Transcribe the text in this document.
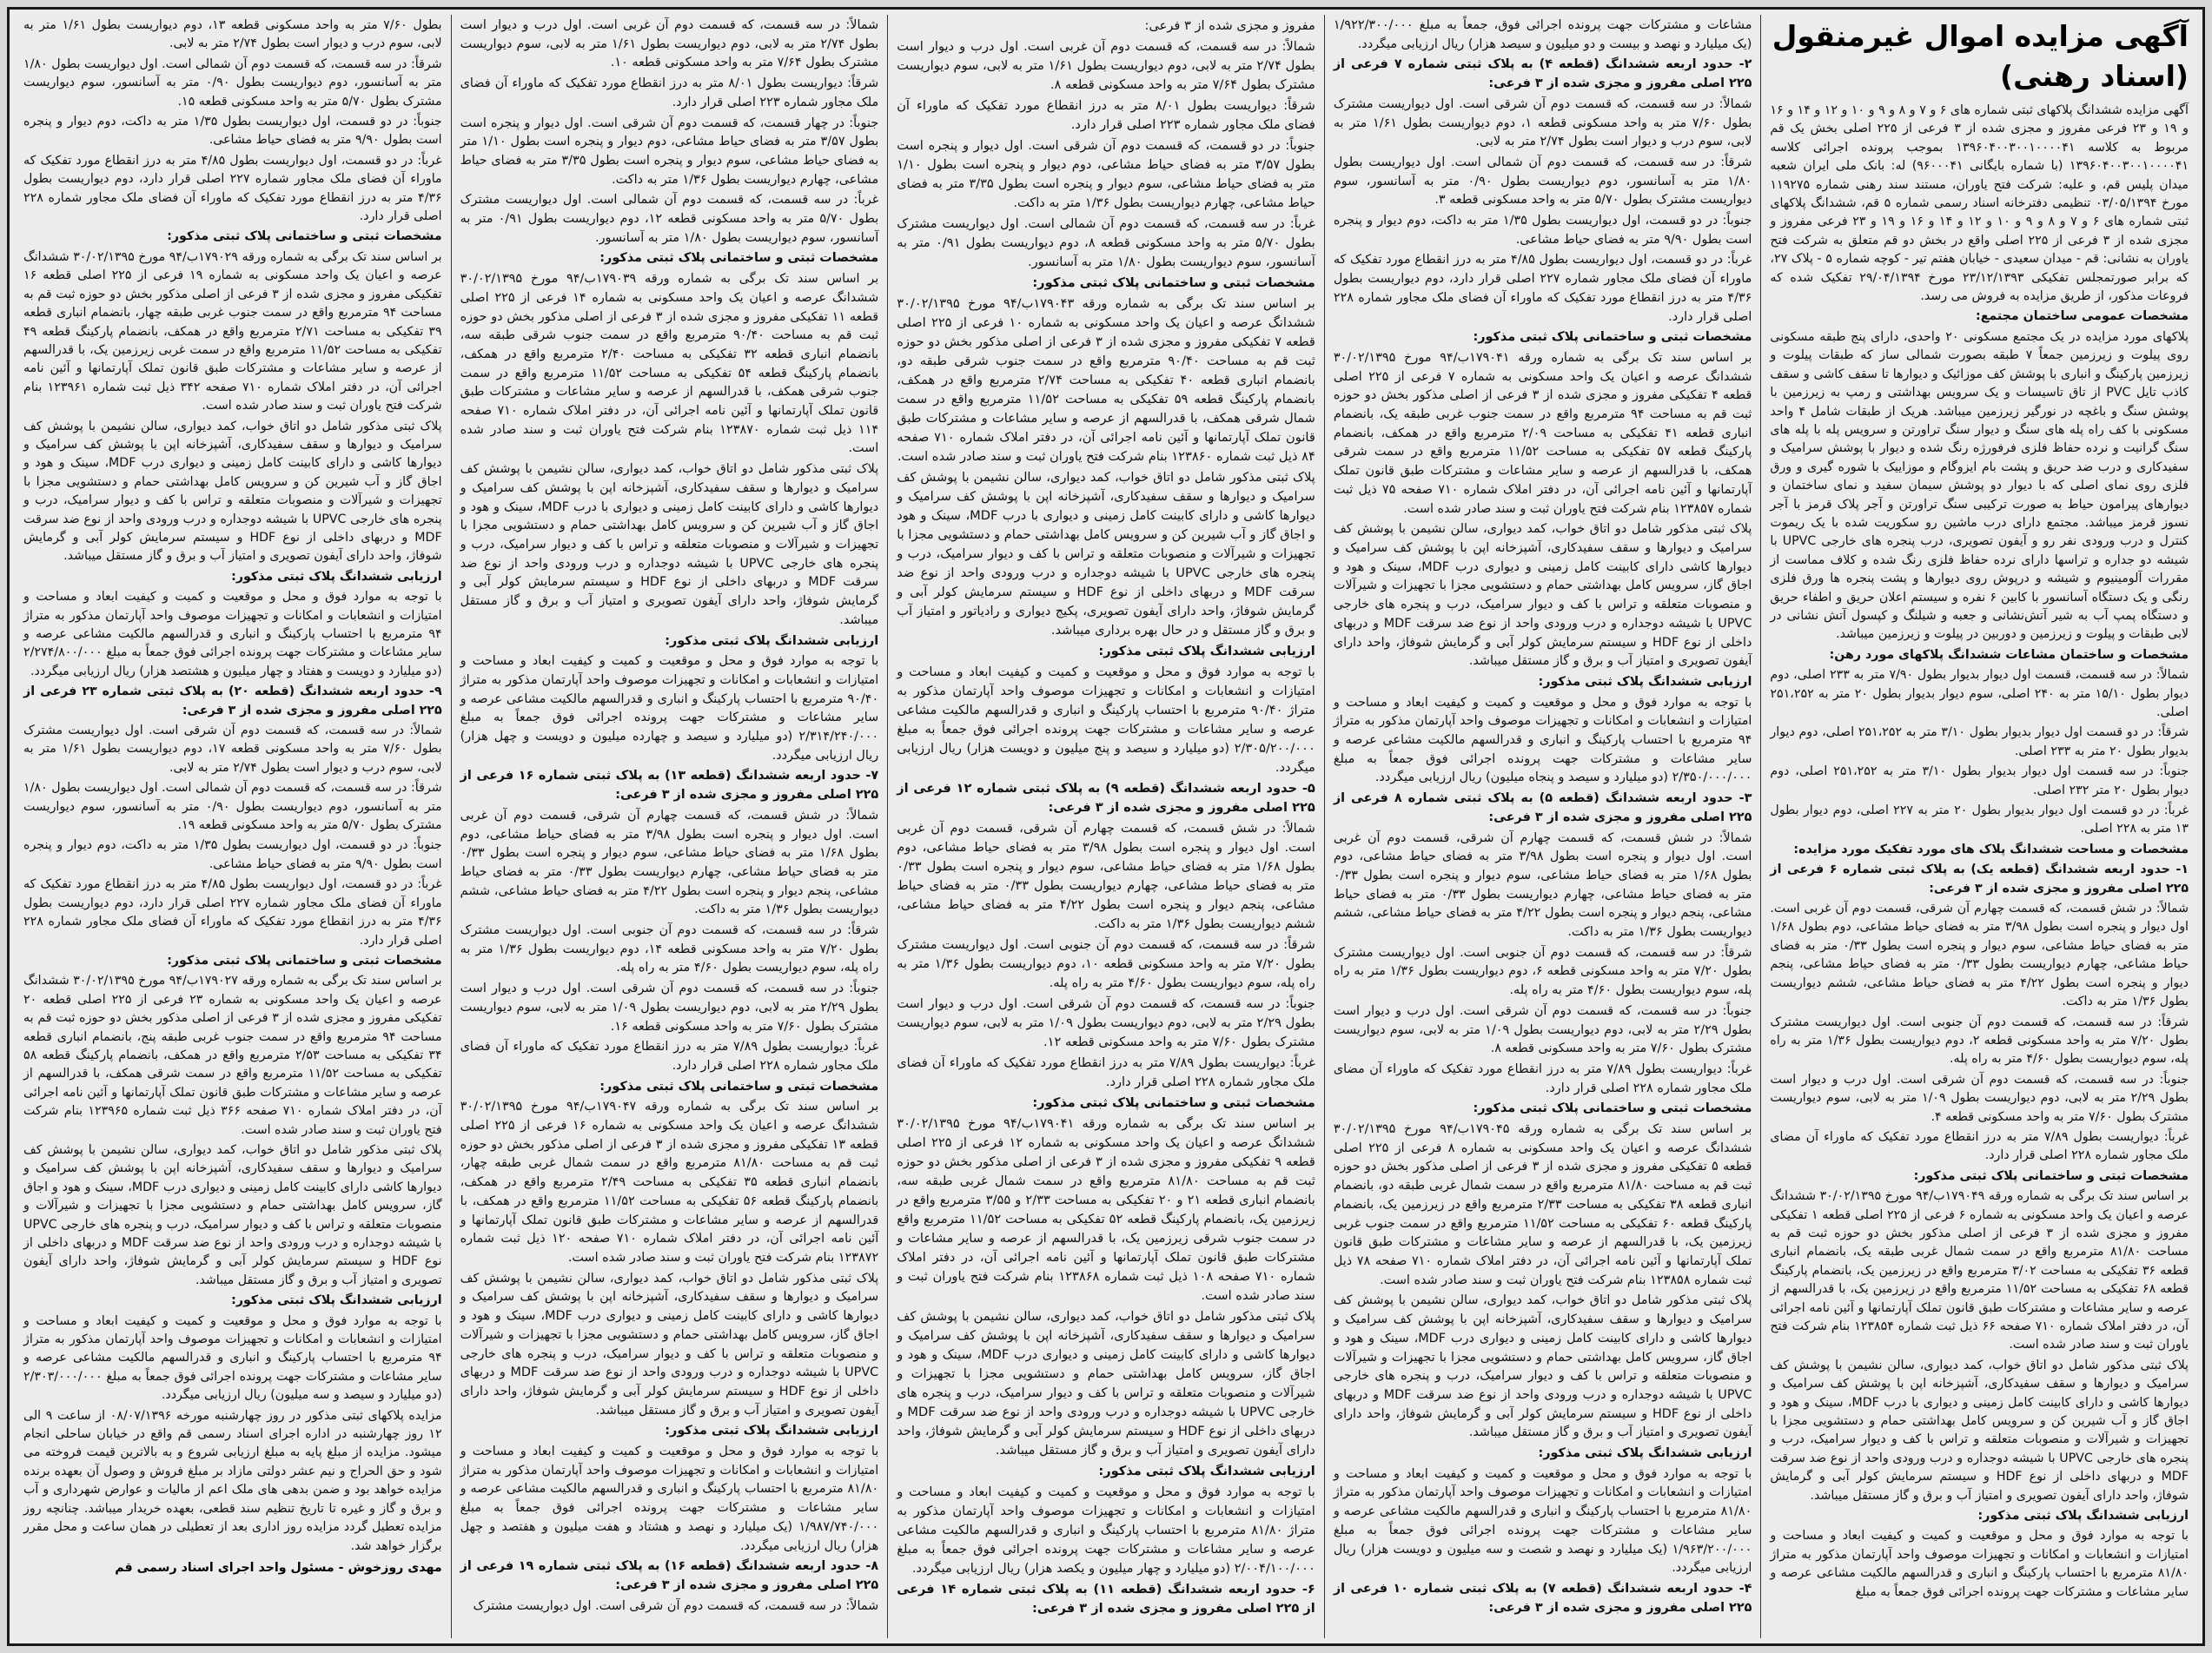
آگهی مزایده اموال غیرمنقول (اسناد رهنی)

آگهی مزایده ششدانگ پلاکهای ثبتی شماره های ۶ و ۷ و ۸ و ۹ و ۱۰ و ۱۲ و ۱۴ و ۱۶ و ۱۹ و ۲۳ فرعی مفروز و مجزی شده از ۳ فرعی از ۲۲۵ اصلی بخش یک قم مربوط به کلاسه ۱۳۹۶۰۴۰۰۳۰۰۱۰۰۰۰۴۱ بموجب پرونده اجرائی کلاسه ۱۳۹۶۰۴۰۰۳۰۰۱۰۰۰۰۴۱ (با شماره بایگانی ۹۶۰۰۰۴۱) له: بانک ملی ایران شعبه میدان پلیس قم، و علیه: شرکت فتح یاوران، مستند سند رهنی شماره ۱۱۹۲۷۵ مورخ ۰۳/۰۵/۱۳۹۴ تنظیمی دفترخانه اسناد رسمی شماره ۵ قم، ششدانگ پلاکهای ثبتی شماره های ۶ و ۷ و ۸ و ۹ و ۱۰ و ۱۲ و ۱۴ و ۱۶ و ۱۹ و ۲۳ فرعی مفروز و مجزی شده از ۳ فرعی از ۲۲۵ اصلی واقع در بخش دو قم متعلق به شرکت فتح یاوران به نشانی: قم - میدان سعیدی - خیابان هفتم تیر - کوچه شماره ۵ - پلاک ۲۷، که برابر صورتمجلس تفکیکی ۲۳/۱۲/۱۳۹۳ مورخ ۲۹/۰۴/۱۳۹۴ تفکیک شده که فروعات مذکور، از طریق مزایده به فروش می رسد.

مشخصات عمومی ساختمان مجتمع:

پلاکهای مورد مزایده در یک مجتمع مسکونی ۲۰ واحدی، دارای پنج طبقه مسکونی روی پیلوت و زیرزمین جمعاً ۷ طبقه بصورت شمالی ساز که طبقات پیلوت و زیرزمین پارکینگ و انباری با پوشش کف موزائیک و دیوارها تا سقف کاشی و سقف کاذب تایل PVC از تاق تاسیسات و یک سرویس بهداشتی و رمپ به زیرزمین با پوشش سنگ و باغچه در نورگیر زیرزمین میباشد. هریک از طبقات شامل ۴ واحد مسکونی با کف راه پله های سنگ و دیوار سنگ تراورتن و سرویس پله با پله های سنگ گرانیت و نرده حفاظ فلزی فرفورژه رنگ شده و دیوار با پوشش سرامیک و سفیدکاری و درب ضد حریق و پشت بام ایزوگام و موزاییک با شوره گیری و ورق فلزی روی نمای اصلی که با دیوار دو پوشش سیمان سفید و نمای ساختمان و دیوارهای پیرامون حیاط به صورت ترکیبی سنگ تراورتن و آجر پلاک قرمز با آجر نسوز قرمز میباشد. مجتمع دارای درب ماشین رو سکوریت شده با یک ریموت کنترل و درب ورودی نفر رو و آیفون تصویری، درب پنجره های خارجی UPVC با شیشه دو جداره و تراسها دارای نرده حفاظ فلزی رنگ شده و کلاف مماست از مقررات آلومینیوم و شیشه و درپوش روی دیوارها و پشت پنجره ها ورق فلزی رنگی و یک دستگاه آسانسور با کابین ۶ نفره و سیستم اعلان حریق و اطفاء حریق و دستگاه پمپ آب به شیر آتش‌نشانی و جعبه و شیلنگ و کپسول آتش نشانی در لابی طبقات و پیلوت و زیرزمین و دوربین در پیلوت و زیرزمین میباشد.

مشخصات و ساختمان مشاعات ششدانگ پلاکهای مورد رهن:

شمالاً: در سه قسمت، قسمت اول دیوار بدیوار بطول ۷/۹۰ متر به ۲۳۳ اصلی، دوم دیوار بطول ۱۵/۱۰ متر به ۲۴۰ اصلی، سوم دیوار بدیوار بطول ۲۰ متر به ۲۵۱،۲۵۲ اصلی.

شرقاً: در دو قسمت اول دیوار بدیوار بطول ۳/۱۰ متر به ۲۵۱،۲۵۲ اصلی، دوم دیوار بدیوار بطول ۲۰ متر به ۲۳۳ اصلی.

جنوباً: در سه قسمت اول دیوار بدیوار بطول ۳/۱۰ متر به ۲۵۱،۲۵۲ اصلی، دوم دیوار بطول ۲۰ متر ۲۳۲ اصلی.

غرباً: در دو قسمت اول دیوار بدیوار بطول ۲۰ متر به ۲۲۷ اصلی، دوم دیوار بطول ۱۳ متر به ۲۲۸ اصلی.

مشخصات و مساحت ششدانگ پلاک های مورد تفکیک مورد مزایده:

۱- حدود اربعه ششدانگ (قطعه یک) به پلاک ثبتی شماره ۶ فرعی از ۲۲۵ اصلی مفروز و مجزی شده از ۳ فرعی:

شمالاً: در شش قسمت، که قسمت چهارم آن شرقی، قسمت دوم آن غربی است. اول دیوار و پنجره است بطول ۳/۹۸ متر به فضای حیاط مشاعی، دوم بطول ۱/۶۸ متر به فضای حیاط مشاعی، سوم دیوار و پنجره است بطول ۰/۳۳ متر به فضای حیاط مشاعی، چهارم دیواریست بطول ۰/۳۳ متر به فضای حیاط مشاعی، پنجم دیوار و پنجره است بطول ۴/۲۲ متر به فضای حیاط مشاعی، ششم دیواریست بطول ۱/۳۶ متر به داکت.

شرقاً: در سه قسمت، که قسمت دوم آن جنوبی است. اول دیواریست مشترک بطول ۷/۲۰ متر به واحد مسکونی قطعه ۲، دوم دیواریست بطول ۱/۳۶ متر به راه پله، سوم دیواریست بطول ۴/۶۰ متر به راه پله.

جنوباً: در سه قسمت، که قسمت دوم آن شرقی است. اول درب و دیوار است بطول ۲/۲۹ متر به لابی، دوم دیواریست بطول ۱/۰۹ متر به لابی، سوم دیواریست مشترک بطول ۷/۶۰ متر به واحد مسکونی قطعه ۴.

غرباً: دیواریست بطول ۷/۸۹ متر به درز انقطاع مورد تفکیک که ماوراء آن مضای ملک مجاور شماره ۲۲۸ اصلی قرار دارد.

مشخصات ثبتی و ساختمانی پلاک ثبتی مذکور:

بر اساس سند تک برگی به شماره ورقه ۱۷۹۰۴۹ب/۹۴ مورخ ۳۰/۰۲/۱۳۹۵ ششدانگ عرصه و اعیان یک واحد مسکونی به شماره ۶ فرعی از ۲۲۵ اصلی قطعه ۱ تفکیکی مفروز و مجزی شده از ۳ فرعی از اصلی مذکور بخش دو حوزه ثبت قم به مساحت ۸۱/۸۰ مترمربع واقع در سمت شمال غربی طبقه یک، بانضمام انباری قطعه ۳۶ تفکیکی به مساحت ۳/۰۲ مترمربع واقع در زیرزمین یک، بانضمام پارکینگ قطعه ۶۸ تفکیکی به مساحت ۱۱/۵۲ مترمربع واقع در زیرزمین یک، با قدرالسهم از عرصه و سایر مشاعات و مشترکات طبق قانون تملک آپارتمانها و آئین نامه اجرائی آن، در دفتر املاک شماره ۷۱۰ صفحه ۶۶ ذیل ثبت شماره ۱۲۳۸۵۴ بنام شرکت فتح یاوران ثبت و سند صادر شده است.

پلاک ثبتی مذکور شامل دو اتاق خواب، کمد دیواری، سالن نشیمن با پوشش کف سرامیک و دیوارها و سقف سفیدکاری، آشپزخانه اپن با پوشش کف سرامیک و دیوارها کاشی و دارای کابینت کامل زمینی و دیواری با درب MDF، سینک و هود و اجاق گاز و آب شیرین کن و سرویس کامل بهداشتی حمام و دستشویی مجزا با تجهیزات و شیرآلات و منصوبات متعلقه و تراس با کف و دیوار سرامیک، درب و پنجره های خارجی UPVC با شیشه دوجداره و درب ورودی واحد از نوع ضد سرقت MDF و دربهای داخلی از نوع HDF و سیستم سرمایش کولر آبی و گرمایش شوفاژ، واحد دارای آیفون تصویری و امتیاز آب و برق و گاز مستقل میباشد.

ارزیابی ششدانگ پلاک ثبتی مذکور:

با توجه به موارد فوق و محل و موقعیت و کمیت و کیفیت ابعاد و مساحت و امتیازات و انشعابات و امکانات و تجهیزات موصوف واحد آپارتمان مذکور به متراژ ۸۱/۸۰ مترمربع با احتساب پارکینگ و انباری و قدرالسهم مالکیت مشاعی عرصه و سایر مشاعات و مشترکات جهت پرونده اجرائی فوق جمعاً به مبلغ

مشاعات و مشترکات جهت پرونده اجرائی فوق، جمعاً به مبلغ ۱/۹۲۲/۳۰۰/۰۰۰ (یک میلیارد و نهصد و بیست و دو میلیون و سیصد هزار) ریال ارزیابی میگردد.

۲- حدود اربعه ششدانگ (قطعه ۴) به پلاک ثبتی شماره ۷ فرعی از ۲۲۵ اصلی مفروز و مجزی شده از ۳ فرعی:

شمالاً: در سه قسمت، که قسمت دوم آن شرقی است. اول دیواریست مشترک بطول ۷/۶۰ متر به واحد مسکونی قطعه ۱، دوم دیواریست بطول ۱/۶۱ متر به لابی، سوم درب و دیوار است بطول ۲/۷۴ متر به لابی.

شرقاً: در سه قسمت، که قسمت دوم آن شمالی است. اول دیواریست بطول ۱/۸۰ متر به آسانسور، دوم دیواریست بطول ۰/۹۰ متر به آسانسور، سوم دیواریست مشترک بطول ۵/۷۰ متر به واحد مسکونی قطعه ۳.

جنوباً: در دو قسمت، اول دیواریست بطول ۱/۳۵ متر به داکت، دوم دیوار و پنجره است بطول ۹/۹۰ متر به فضای حیاط مشاعی.

غرباً: در دو قسمت، اول دیواریست بطول ۴/۸۵ متر به درز انقطاع مورد تفکیک که ماوراء آن فضای ملک مجاور شماره ۲۲۷ اصلی قرار دارد، دوم دیواریست بطول ۴/۳۶ متر به درز انقطاع مورد تفکیک که ماوراء آن فضای ملک مجاور شماره ۲۲۸ اصلی قرار دارد.

مشخصات ثبتی و ساختمانی پلاک ثبتی مذکور:

بر اساس سند تک برگی به شماره ورقه ۱۷۹۰۴۱ب/۹۴ مورخ ۳۰/۰۲/۱۳۹۵ ششدانگ عرصه و اعیان یک واحد مسکونی به شماره ۷ فرعی از ۲۲۵ اصلی قطعه ۴ تفکیکی مفروز و مجزی شده از ۳ فرعی از اصلی مذکور بخش دو حوزه ثبت قم به مساحت ۹۴ مترمربع واقع در سمت جنوب غربی طبقه یک، بانضمام انباری قطعه ۴۱ تفکیکی به مساحت ۲/۰۹ مترمربع واقع در همکف، بانضمام پارکینگ قطعه ۵۷ تفکیکی به مساحت ۱۱/۵۲ مترمربع واقع در سمت شرقی همکف، با قدرالسهم از عرصه و سایر مشاعات و مشترکات طبق قانون تملک آپارتمانها و آئین نامه اجرائی آن، در دفتر املاک شماره ۷۱۰ صفحه ۷۵ ذیل ثبت شماره ۱۲۳۸۵۷ بنام شرکت فتح یاوران ثبت و سند صادر شده است.

پلاک ثبتی مذکور شامل دو اتاق خواب، کمد دیواری، سالن نشیمن با پوشش کف سرامیک و دیوارها و سقف سفیدکاری، آشپزخانه اپن با پوشش کف سرامیک و دیوارها کاشی دارای کابینت کامل زمینی و دیواری درب MDF، سینک و هود و اجاق گاز، سرویس کامل بهداشتی حمام و دستشویی مجزا با تجهیزات و شیرآلات و منصوبات متعلقه و تراس با کف و دیوار سرامیک، درب و پنجره های خارجی UPVC با شیشه دوجداره و درب ورودی واحد از نوع ضد سرقت MDF و دربهای داخلی از نوع HDF و سیستم سرمایش کولر آبی و گرمایش شوفاژ، واحد دارای آیفون تصویری و امتیاز آب و برق و گاز مستقل میباشد.

ارزیابی ششدانگ پلاک ثبتی مذکور:

با توجه به موارد فوق و محل و موقعیت و کمیت و کیفیت ابعاد و مساحت و امتیازات و انشعابات و امکانات و تجهیزات موصوف واحد آپارتمان مذکور به متراژ ۹۴ مترمربع با احتساب پارکینگ و انباری و قدرالسهم مالکیت مشاعی عرصه و سایر مشاعات و مشترکات جهت پرونده اجرائی فوق جمعاً به مبلغ ۲/۳۵۰/۰۰۰/۰۰۰ (دو میلیارد و سیصد و پنجاه میلیون) ریال ارزیابی میگردد.

۳- حدود اربعه ششدانگ (قطعه ۵) به پلاک ثبتی شماره ۸ فرعی از ۲۲۵ اصلی مفروز و مجزی شده از ۳ فرعی:

شمالاً: در شش قسمت، که قسمت چهارم آن شرقی، قسمت دوم آن غربی است. اول دیوار و پنجره است بطول ۳/۹۸ متر به فضای حیاط مشاعی، دوم بطول ۱/۶۸ متر به فضای حیاط مشاعی، سوم دیوار و پنجره است بطول ۰/۳۳ متر به فضای حیاط مشاعی، چهارم دیواریست بطول ۰/۳۳ متر به فضای حیاط مشاعی، پنجم دیوار و پنجره است بطول ۴/۲۲ متر به فضای حیاط مشاعی، ششم دیواریست بطول ۱/۳۶ متر به داکت.

شرقاً: در سه قسمت، که قسمت دوم آن جنوبی است. اول دیواریست مشترک بطول ۷/۲۰ متر به واحد مسکونی قطعه ۶، دوم دیواریست بطول ۱/۳۶ متر به راه پله، سوم دیواریست بطول ۴/۶۰ متر به راه پله.

جنوباً: در سه قسمت، که قسمت دوم آن شرقی است. اول درب و دیوار است بطول ۲/۲۹ متر به لابی، دوم دیواریست بطول ۱/۰۹ متر به لابی، سوم دیواریست مشترک بطول ۷/۶۰ متر به واحد مسکونی قطعه ۸.

غرباً: دیواریست بطول ۷/۸۹ متر به درز انقطاع مورد تفکیک که ماوراء آن مضای ملک مجاور شماره ۲۲۸ اصلی قرار دارد.

مشخصات ثبتی و ساختمانی پلاک ثبتی مذکور:

بر اساس سند تک برگی به شماره ورقه ۱۷۹۰۴۵ب/۹۴ مورخ ۳۰/۰۲/۱۳۹۵ ششدانگ عرصه و اعیان یک واحد مسکونی به شماره ۸ فرعی از ۲۲۵ اصلی قطعه ۵ تفکیکی مفروز و مجزی شده از ۳ فرعی از اصلی مذکور بخش دو حوزه ثبت قم به مساحت ۸۱/۸۰ مترمربع واقع در سمت شمال غربی طبقه دو، بانضمام انباری قطعه ۳۸ تفکیکی به مساحت ۲/۳۳ مترمربع واقع در زیرزمین یک، بانضمام پارکینگ قطعه ۶۰ تفکیکی به مساحت ۱۱/۵۲ مترمربع واقع در سمت جنوب غربی زیرزمین یک، با قدرالسهم از عرصه و سایر مشاعات و مشترکات طبق قانون تملک آپارتمانها و آئین نامه اجرائی آن، در دفتر املاک شماره ۷۱۰ صفحه ۷۸ ذیل ثبت شماره ۱۲۳۸۵۸ بنام شرکت فتح یاوران ثبت و سند صادر شده است.

پلاک ثبتی مذکور شامل دو اتاق خواب، کمد دیواری، سالن نشیمن با پوشش کف سرامیک و دیوارها و سقف سفیدکاری، آشپزخانه اپن با پوشش کف سرامیک و دیوارها کاشی و دارای کابینت کامل زمینی و دیواری درب MDF، سینک و هود و اجاق گاز، سرویس کامل بهداشتی حمام و دستشویی مجزا با تجهیزات و شیرآلات و منصوبات متعلقه و تراس با کف و دیوار سرامیک، درب و پنجره های خارجی UPVC با شیشه دوجداره و درب ورودی واحد از نوع ضد سرقت MDF و دربهای داخلی از نوع HDF و سیستم سرمایش کولر آبی و گرمایش شوفاژ، واحد دارای آیفون تصویری و امتیاز آب و برق و گاز مستقل میباشد.

ارزیابی ششدانگ پلاک ثبتی مذکور:

با توجه به موارد فوق و محل و موقعیت و کمیت و کیفیت ابعاد و مساحت و امتیازات و انشعابات و امکانات و تجهیزات موصوف واحد آپارتمان مذکور به متراژ ۸۱/۸۰ مترمربع با احتساب پارکینگ و انباری و قدرالسهم مالکیت مشاعی عرصه و سایر مشاعات و مشترکات جهت پرونده اجرائی فوق جمعاً به مبلغ ۱/۹۶۳/۲۰۰/۰۰۰ (یک میلیارد و نهصد و شصت و سه میلیون و دویست هزار) ریال ارزیابی میگردد.

۴- حدود اربعه ششدانگ (قطعه ۷) به پلاک ثبتی شماره ۱۰ فرعی از ۲۲۵ اصلی مفروز و مجزی شده از ۳ فرعی:

مفروز و مجزی شده از ۳ فرعی:

شمالاً: در سه قسمت، که قسمت دوم آن غربی است. اول درب و دیوار است بطول ۲/۷۴ متر به لابی، دوم دیواریست بطول ۱/۶۱ متر به لابی، سوم دیواریست مشترک بطول ۷/۶۴ متر به واحد مسکونی قطعه ۸.

شرقاً: دیواریست بطول ۸/۰۱ متر به درز انقطاع مورد تفکیک که ماوراء آن فضای ملک مجاور شماره ۲۲۳ اصلی قرار دارد.

جنوباً: در دو قسمت، که قسمت دوم آن شرقی است. اول دیوار و پنجره است بطول ۳/۵۷ متر به فضای حیاط مشاعی، دوم دیوار و پنجره است بطول ۱/۱۰ متر به فضای حیاط مشاعی، سوم دیوار و پنجره است بطول ۳/۳۵ متر به فضای حیاط مشاعی، چهارم دیواریست بطول ۱/۳۶ متر به داکت.

غرباً: در سه قسمت، که قسمت دوم آن شمالی است. اول دیواریست مشترک بطول ۵/۷۰ متر به واحد مسکونی قطعه ۸، دوم دیواریست بطول ۰/۹۱ متر به آسانسور، سوم دیواریست بطول ۱/۸۰ متر به آسانسور.

مشخصات ثبتی و ساختمانی پلاک ثبتی مذکور:

بر اساس سند تک برگی به شماره ورقه ۱۷۹۰۴۳ب/۹۴ مورخ ۳۰/۰۲/۱۳۹۵ ششدانگ عرصه و اعیان یک واحد مسکونی به شماره ۱۰ فرعی از ۲۲۵ اصلی قطعه ۷ تفکیکی مفروز و مجزی شده از ۳ فرعی از اصلی مذکور بخش دو حوزه ثبت قم به مساحت ۹۰/۴۰ مترمربع واقع در سمت جنوب شرقی طبقه دو، بانضمام انباری قطعه ۴۰ تفکیکی به مساحت ۲/۷۴ مترمربع واقع در همکف، بانضمام پارکینگ قطعه ۵۹ تفکیکی به مساحت ۱۱/۵۲ مترمربع واقع در سمت شمال شرقی همکف، با قدرالسهم از عرصه و سایر مشاعات و مشترکات طبق قانون تملک آپارتمانها و آئین نامه اجرائی آن، در دفتر املاک شماره ۷۱۰ صفحه ۸۴ ذیل ثبت شماره ۱۲۳۸۶۰ بنام شرکت فتح یاوران ثبت و سند صادر شده است.

پلاک ثبتی مذکور شامل دو اتاق خواب، کمد دیواری، سالن نشیمن با پوشش کف سرامیک و دیوارها و سقف سفیدکاری، آشپزخانه اپن با پوشش کف سرامیک و دیوارها کاشی و دارای کابینت کامل زمینی و دیواری با درب MDF، سینک و هود و اجاق گاز و آب شیرین کن و سرویس کامل بهداشتی حمام و دستشویی مجزا با تجهیزات و شیرآلات و منصوبات متعلقه و تراس با کف و دیوار سرامیک، درب و پنجره های خارجی UPVC با شیشه دوجداره و درب ورودی واحد از نوع ضد سرقت MDF و دربهای داخلی از نوع HDF و سیستم سرمایش کولر آبی و گرمایش شوفاژ، واحد دارای آیفون تصویری، پکیج دیواری و رادیاتور و امتیاز آب و برق و گاز مستقل و در حال بهره برداری میباشد.

ارزیابی ششدانگ پلاک ثبتی مذکور:

با توجه به موارد فوق و محل و موقعیت و کمیت و کیفیت ابعاد و مساحت و امتیازات و انشعابات و امکانات و تجهیزات موصوف واحد آپارتمان مذکور به متراژ ۹۰/۴۰ مترمربع با احتساب پارکینگ و انباری و قدرالسهم مالکیت مشاعی عرصه و سایر مشاعات و مشترکات جهت پرونده اجرائی فوق جمعاً به مبلغ ۲/۳۰۵/۲۰۰/۰۰۰ (دو میلیارد و سیصد و پنج میلیون و دویست هزار) ریال ارزیابی میگردد.

۵- حدود اربعه ششدانگ (قطعه ۹) به پلاک ثبتی شماره ۱۲ فرعی از ۲۲۵ اصلی مفروز و مجزی شده از ۳ فرعی:

شمالاً: در شش قسمت، که قسمت چهارم آن شرقی، قسمت دوم آن غربی است. اول دیوار و پنجره است بطول ۳/۹۸ متر به فضای حیاط مشاعی، دوم بطول ۱/۶۸ متر به فضای حیاط مشاعی، سوم دیوار و پنجره است بطول ۰/۳۳ متر به فضای حیاط مشاعی، چهارم دیواریست بطول ۰/۳۳ متر به فضای حیاط مشاعی، پنجم دیوار و پنجره است بطول ۴/۲۲ متر به فضای حیاط مشاعی، ششم دیواریست بطول ۱/۳۶ متر به داکت.

شرقاً: در سه قسمت، که قسمت دوم آن جنوبی است. اول دیواریست مشترک بطول ۷/۲۰ متر به واحد مسکونی قطعه ۱۰، دوم دیواریست بطول ۱/۳۶ متر به راه پله، سوم دیواریست بطول ۴/۶۰ متر به راه پله.

جنوباً: در سه قسمت، که قسمت دوم آن شرقی است. اول درب و دیوار است بطول ۲/۲۹ متر به لابی، دوم دیواریست بطول ۱/۰۹ متر به لابی، سوم دیواریست مشترک بطول ۷/۶۰ متر به واحد مسکونی قطعه ۱۲.

غرباً: دیواریست بطول ۷/۸۹ متر به درز انقطاع مورد تفکیک که ماوراء آن فضای ملک مجاور شماره ۲۲۸ اصلی قرار دارد.

مشخصات ثبتی و ساختمانی پلاک ثبتی مذکور:

بر اساس سند تک برگی به شماره ورقه ۱۷۹۰۴۱ب/۹۴ مورخ ۳۰/۰۲/۱۳۹۵ ششدانگ عرصه و اعیان یک واحد مسکونی به شماره ۱۲ فرعی از ۲۲۵ اصلی قطعه ۹ تفکیکی مفروز و مجزی شده از ۳ فرعی از اصلی مذکور بخش دو حوزه ثبت قم به مساحت ۸۱/۸۰ مترمربع واقع در سمت شمال غربی طبقه سه، بانضمام انباری قطعه ۲۱ و ۲۰ تفکیکی به مساحت ۲/۳۳ و ۳/۵۵ مترمربع واقع در زیرزمین یک، بانضمام پارکینگ قطعه ۵۲ تفکیکی به مساحت ۱۱/۵۲ مترمربع واقع در سمت جنوب شرقی زیرزمین یک، با قدرالسهم از عرصه و سایر مشاعات و مشترکات طبق قانون تملک آپارتمانها و آئین نامه اجرائی آن، در دفتر املاک شماره ۷۱۰ صفحه ۱۰۸ ذیل ثبت شماره ۱۲۳۸۶۸ بنام شرکت فتح یاوران ثبت و سند صادر شده است.

پلاک ثبتی مذکور شامل دو اتاق خواب، کمد دیواری، سالن نشیمن با پوشش کف سرامیک و دیوارها و سقف سفیدکاری، آشپزخانه اپن با پوشش کف سرامیک و دیوارها کاشی و دارای کابینت کامل زمینی و دیواری درب MDF، سینک و هود و اجاق گاز، سرویس کامل بهداشتی حمام و دستشویی مجزا با تجهیزات و شیرآلات و منصوبات متعلقه و تراس با کف و دیوار سرامیک، درب و پنجره های خارجی UPVC با شیشه دوجداره و درب ورودی واحد از نوع ضد سرقت MDF و دربهای داخلی از نوع HDF و سیستم سرمایش کولر آبی و گرمایش شوفاژ، واحد دارای آیفون تصویری و امتیاز آب و برق و گاز مستقل میباشد.

ارزیابی ششدانگ پلاک ثبتی مذکور:

با توجه به موارد فوق و محل و موقعیت و کمیت و کیفیت ابعاد و مساحت و امتیازات و انشعابات و امکانات و تجهیزات موصوف واحد آپارتمان مذکور به متراژ ۸۱/۸۰ مترمربع با احتساب پارکینگ و انباری و قدرالسهم مالکیت مشاعی عرصه و سایر مشاعات و مشترکات جهت پرونده اجرائی فوق جمعاً به مبلغ ۲/۰۰۴/۱۰۰/۰۰۰ (دو میلیارد و چهار میلیون و یکصد هزار) ریال ارزیابی میگردد.

۶- حدود اربعه ششدانگ (قطعه ۱۱) به پلاک ثبتی شماره ۱۴ فرعی از ۲۲۵ اصلی مفروز و مجزی شده از ۳ فرعی:

شمالاً: در سه قسمت، که قسمت دوم آن غربی است. اول درب و دیوار است بطول ۲/۷۴ متر به لابی، دوم دیواریست بطول ۱/۶۱ متر به لابی، سوم دیواریست مشترک بطول ۷/۶۴ متر به واحد مسکونی قطعه ۱۰.

شرقاً: دیواریست بطول ۸/۰۱ متر به درز انقطاع مورد تفکیک که ماوراء آن فضای ملک مجاور شماره ۲۲۳ اصلی قرار دارد.

جنوباً: در چهار قسمت، که قسمت دوم آن شرقی است. اول دیوار و پنجره است بطول ۳/۵۷ متر به فضای حیاط مشاعی، دوم دیوار و پنجره است بطول ۱/۱۰ متر به فضای حیاط مشاعی، سوم دیوار و پنجره است بطول ۳/۳۵ متر به فضای حیاط مشاعی، چهارم دیواریست بطول ۱/۳۶ متر به داکت.

غرباً: در سه قسمت، که قسمت دوم آن شمالی است. اول دیواریست مشترک بطول ۵/۷۰ متر به واحد مسکونی قطعه ۱۲، دوم دیواریست بطول ۰/۹۱ متر به آسانسور، سوم دیواریست بطول ۱/۸۰ متر به آسانسور.

مشخصات ثبتی و ساختمانی پلاک ثبتی مذکور:

بر اساس سند تک برگی به شماره ورقه ۱۷۹۰۳۹ب/۹۴ مورخ ۳۰/۰۲/۱۳۹۵ ششدانگ عرصه و اعیان یک واحد مسکونی به شماره ۱۴ فرعی از ۲۲۵ اصلی قطعه ۱۱ تفکیکی مفروز و مجزی شده از ۳ فرعی از اصلی مذکور بخش دو حوزه ثبت قم به مساحت ۹۰/۴۰ مترمربع واقع در سمت جنوب شرقی طبقه سه، بانضمام انباری قطعه ۳۲ تفکیکی به مساحت ۲/۴۰ مترمربع واقع در همکف، بانضمام پارکینگ قطعه ۵۴ تفکیکی به مساحت ۱۱/۵۲ مترمربع واقع در سمت جنوب شرقی همکف، با قدرالسهم از عرصه و سایر مشاعات و مشترکات طبق قانون تملک آپارتمانها و آئین نامه اجرائی آن، در دفتر املاک شماره ۷۱۰ صفحه ۱۱۴ ذیل ثبت شماره ۱۲۳۸۷۰ بنام شرکت فتح یاوران ثبت و سند صادر شده است.

پلاک ثبتی مذکور شامل دو اتاق خواب، کمد دیواری، سالن نشیمن با پوشش کف سرامیک و دیوارها و سقف سفیدکاری، آشپزخانه اپن با پوشش کف سرامیک و دیوارها کاشی و دارای کابینت کامل زمینی و دیواری با درب MDF، سینک و هود و اجاق گاز و آب شیرین کن و سرویس کامل بهداشتی حمام و دستشویی مجزا با تجهیزات و شیرآلات و منصوبات متعلقه و تراس با کف و دیوار سرامیک، درب و پنجره های خارجی UPVC با شیشه دوجداره و درب ورودی واحد از نوع ضد سرقت MDF و دربهای داخلی از نوع HDF و سیستم سرمایش کولر آبی و گرمایش شوفاژ، واحد دارای آیفون تصویری و امتیاز آب و برق و گاز مستقل میباشد.

ارزیابی ششدانگ پلاک ثبتی مذکور:

با توجه به موارد فوق و محل و موقعیت و کمیت و کیفیت ابعاد و مساحت و امتیازات و انشعابات و امکانات و تجهیزات موصوف واحد آپارتمان مذکور به متراژ ۹۰/۴۰ مترمربع با احتساب پارکینگ و انباری و قدرالسهم مالکیت مشاعی عرصه و سایر مشاعات و مشترکات جهت پرونده اجرائی فوق جمعاً به مبلغ ۲/۳۱۴/۲۴۰/۰۰۰ (دو میلیارد و سیصد و چهارده میلیون و دویست و چهل هزار) ریال ارزیابی میگردد.

۷- حدود اربعه ششدانگ (قطعه ۱۳) به پلاک ثبتی شماره ۱۶ فرعی از ۲۲۵ اصلی مفروز و مجزی شده از ۳ فرعی:

شمالاً: در شش قسمت، که قسمت چهارم آن شرقی، قسمت دوم آن غربی است. اول دیوار و پنجره است بطول ۳/۹۸ متر به فضای حیاط مشاعی، دوم بطول ۱/۶۸ متر به فضای حیاط مشاعی، سوم دیوار و پنجره است بطول ۰/۳۳ متر به فضای حیاط مشاعی، چهارم دیواریست بطول ۰/۳۳ متر به فضای حیاط مشاعی، پنجم دیوار و پنجره است بطول ۴/۲۲ متر به فضای حیاط مشاعی، ششم دیواریست بطول ۱/۳۶ متر به داکت.

شرقاً: در سه قسمت، که قسمت دوم آن جنوبی است. اول دیواریست مشترک بطول ۷/۲۰ متر به واحد مسکونی قطعه ۱۴، دوم دیواریست بطول ۱/۳۶ متر به راه پله، سوم دیواریست بطول ۴/۶۰ متر به راه پله.

جنوباً: در سه قسمت، که قسمت دوم آن شرقی است. اول درب و دیوار است بطول ۲/۲۹ متر به لابی، دوم دیواریست بطول ۱/۰۹ متر به لابی، سوم دیواریست مشترک بطول ۷/۶۰ متر به واحد مسکونی قطعه ۱۶.

غرباً: دیواریست بطول ۷/۸۹ متر به درز انقطاع مورد تفکیک که ماوراء آن فضای ملک مجاور شماره ۲۲۸ اصلی قرار دارد.

مشخصات ثبتی و ساختمانی پلاک ثبتی مذکور:

بر اساس سند تک برگی به شماره ورقه ۱۷۹۰۴۷ب/۹۴ مورخ ۳۰/۰۲/۱۳۹۵ ششدانگ عرصه و اعیان یک واحد مسکونی به شماره ۱۶ فرعی از ۲۲۵ اصلی قطعه ۱۳ تفکیکی مفروز و مجزی شده از ۳ فرعی از اصلی مذکور بخش دو حوزه ثبت قم به مساحت ۸۱/۸۰ مترمربع واقع در سمت شمال غربی طبقه چهار، بانضمام انباری قطعه ۳۵ تفکیکی به مساحت ۲/۴۹ مترمربع واقع در همکف، بانضمام پارکینگ قطعه ۵۶ تفکیکی به مساحت ۱۱/۵۲ مترمربع واقع در همکف، با قدرالسهم از عرصه و سایر مشاعات و مشترکات طبق قانون تملک آپارتمانها و آئین نامه اجرائی آن، در دفتر املاک شماره ۷۱۰ صفحه ۱۲۰ ذیل ثبت شماره ۱۲۳۸۷۲ بنام شرکت فتح یاوران ثبت و سند صادر شده است.

پلاک ثبتی مذکور شامل دو اتاق خواب، کمد دیواری، سالن نشیمن با پوشش کف سرامیک و دیوارها و سقف سفیدکاری، آشپزخانه اپن با پوشش کف سرامیک و دیوارها کاشی و دارای کابینت کامل زمینی و دیواری درب MDF، سینک و هود و اجاق گاز، سرویس کامل بهداشتی حمام و دستشویی مجزا با تجهیزات و شیرآلات و منصوبات متعلقه و تراس با کف و دیوار سرامیک، درب و پنجره های خارجی UPVC با شیشه دوجداره و درب ورودی واحد از نوع ضد سرقت MDF و دربهای داخلی از نوع HDF و سیستم سرمایش کولر آبی و گرمایش شوفاژ، واحد دارای آیفون تصویری و امتیاز آب و برق و گاز مستقل میباشد.

ارزیابی ششدانگ پلاک ثبتی مذکور:

با توجه به موارد فوق و محل و موقعیت و کمیت و کیفیت ابعاد و مساحت و امتیازات و انشعابات و امکانات و تجهیزات موصوف واحد آپارتمان مذکور به متراژ ۸۱/۸۰ مترمربع با احتساب پارکینگ و انباری و قدرالسهم مالکیت مشاعی عرصه و سایر مشاعات و مشترکات جهت پرونده اجرائی فوق جمعاً به مبلغ ۱/۹۸۷/۷۴۰/۰۰۰ (یک میلیارد و نهصد و هشتاد و هفت میلیون و هفتصد و چهل هزار) ریال ارزیابی میگردد.

۸- حدود اربعه ششدانگ (قطعه ۱۶) به پلاک ثبتی شماره ۱۹ فرعی از ۲۲۵ اصلی مفروز و مجزی شده از ۳ فرعی:

شمالاً: در سه قسمت، که قسمت دوم آن شرقی است. اول دیواریست مشترک

بطول ۷/۶۰ متر به واحد مسکونی قطعه ۱۳، دوم دیواریست بطول ۱/۶۱ متر به لابی، سوم درب و دیوار است بطول ۲/۷۴ متر به لابی.

شرقاً: در سه قسمت، که قسمت دوم آن شمالی است. اول دیواریست بطول ۱/۸۰ متر به آسانسور، دوم دیواریست بطول ۰/۹۰ متر به آسانسور، سوم دیواریست مشترک بطول ۵/۷۰ متر به واحد مسکونی قطعه ۱۵.

جنوباً: در دو قسمت، اول دیواریست بطول ۱/۳۵ متر به داکت، دوم دیوار و پنجره است بطول ۹/۹۰ متر به فضای حیاط مشاعی.

غرباً: در دو قسمت، اول دیواریست بطول ۴/۸۵ متر به درز انقطاع مورد تفکیک که ماوراء آن فضای ملک مجاور شماره ۲۲۷ اصلی قرار دارد، دوم دیواریست بطول ۴/۳۶ متر به درز انقطاع مورد تفکیک که ماوراء آن فضای ملک مجاور شماره ۲۲۸ اصلی قرار دارد.

مشخصات ثبتی و ساختمانی پلاک ثبتی مذکور:

بر اساس سند تک برگی به شماره ورقه ۱۷۹۰۲۹ب/۹۴ مورخ ۳۰/۰۲/۱۳۹۵ ششدانگ عرصه و اعیان یک واحد مسکونی به شماره ۱۹ فرعی از ۲۲۵ اصلی قطعه ۱۶ تفکیکی مفروز و مجزی شده از ۳ فرعی از اصلی مذکور بخش دو حوزه ثبت قم به مساحت ۹۴ مترمربع واقع در سمت جنوب غربی طبقه چهار، بانضمام انباری قطعه ۳۹ تفکیکی به مساحت ۲/۷۱ مترمربع واقع در همکف، بانضمام پارکینگ قطعه ۴۹ تفکیکی به مساحت ۱۱/۵۲ مترمربع واقع در سمت غربی زیرزمین یک، با قدرالسهم از عرصه و سایر مشاعات و مشترکات طبق قانون تملک آپارتمانها و آئین نامه اجرائی آن، در دفتر املاک شماره ۷۱۰ صفحه ۳۴۲ ذیل ثبت شماره ۱۲۳۹۶۱ بنام شرکت فتح یاوران ثبت و سند صادر شده است.

پلاک ثبتی مذکور شامل دو اتاق خواب، کمد دیواری، سالن نشیمن با پوشش کف سرامیک و دیوارها و سقف سفیدکاری، آشپزخانه اپن با پوشش کف سرامیک و دیوارها کاشی و دارای کابینت کامل زمینی و دیواری درب MDF، سینک و هود و اجاق گاز و آب شیرین کن و سرویس کامل بهداشتی حمام و دستشویی مجزا با تجهیزات و شیرآلات و منصوبات متعلقه و تراس با کف و دیوار سرامیک، درب و پنجره های خارجی UPVC با شیشه دوجداره و درب ورودی واحد از نوع ضد سرقت MDF و دربهای داخلی از نوع HDF و سیستم سرمایش کولر آبی و گرمایش شوفاژ، واحد دارای آیفون تصویری و امتیاز آب و برق و گاز مستقل میباشد.

ارزیابی ششدانگ پلاک ثبتی مذکور:

با توجه به موارد فوق و محل و موقعیت و کمیت و کیفیت ابعاد و مساحت و امتیازات و انشعابات و امکانات و تجهیزات موصوف واحد آپارتمان مذکور به متراژ ۹۴ مترمربع با احتساب پارکینگ و انباری و قدرالسهم مالکیت مشاعی عرصه و سایر مشاعات و مشترکات جهت پرونده اجرائی فوق جمعاً به مبلغ ۲/۲۷۴/۸۰۰/۰۰۰ (دو میلیارد و دویست و هفتاد و چهار میلیون و هشتصد هزار) ریال ارزیابی میگردد.

۹- حدود اربعه ششدانگ (قطعه ۲۰) به پلاک ثبتی شماره ۲۳ فرعی از ۲۲۵ اصلی مفروز و مجزی شده از ۳ فرعی:

شمالاً: در سه قسمت، که قسمت دوم آن شرقی است. اول دیواریست مشترک بطول ۷/۶۰ متر به واحد مسکونی قطعه ۱۷، دوم دیواریست بطول ۱/۶۱ متر به لابی، سوم درب و دیوار است بطول ۲/۷۴ متر به لابی.

شرقاً: در سه قسمت، که قسمت دوم آن شمالی است. اول دیواریست بطول ۱/۸۰ متر به آسانسور، دوم دیواریست بطول ۰/۹۰ متر به آسانسور، سوم دیواریست مشترک بطول ۵/۷۰ متر به واحد مسکونی قطعه ۱۹.

جنوباً: در دو قسمت، اول دیواریست بطول ۱/۳۵ متر به داکت، دوم دیوار و پنجره است بطول ۹/۹۰ متر به فضای حیاط مشاعی.

غرباً: در دو قسمت، اول دیواریست بطول ۴/۸۵ متر به درز انقطاع مورد تفکیک که ماوراء آن فضای ملک مجاور شماره ۲۲۷ اصلی قرار دارد، دوم دیواریست بطول ۴/۳۶ متر به درز انقطاع مورد تفکیک که ماوراء آن فضای ملک مجاور شماره ۲۲۸ اصلی قرار دارد.

مشخصات ثبتی و ساختمانی پلاک ثبتی مذکور:

بر اساس سند تک برگی به شماره ورقه ۱۷۹۰۲۷ب/۹۴ مورخ ۳۰/۰۲/۱۳۹۵ ششدانگ عرصه و اعیان یک واحد مسکونی به شماره ۲۳ فرعی از ۲۲۵ اصلی قطعه ۲۰ تفکیکی مفروز و مجزی شده از ۳ فرعی از اصلی مذکور بخش دو حوزه ثبت قم به مساحت ۹۴ مترمربع واقع در سمت جنوب غربی طبقه پنج، بانضمام انباری قطعه ۳۴ تفکیکی به مساحت ۲/۵۳ مترمربع واقع در همکف، بانضمام پارکینگ قطعه ۵۸ تفکیکی به مساحت ۱۱/۵۲ مترمربع واقع در سمت شرقی همکف، با قدرالسهم از عرصه و سایر مشاعات و مشترکات طبق قانون تملک آپارتمانها و آئین نامه اجرائی آن، در دفتر املاک شماره ۷۱۰ صفحه ۳۶۶ ذیل ثبت شماره ۱۲۳۹۶۵ بنام شرکت فتح یاوران ثبت و سند صادر شده است.

پلاک ثبتی مذکور شامل دو اتاق خواب، کمد دیواری، سالن نشیمن با پوشش کف سرامیک و دیوارها و سقف سفیدکاری، آشپزخانه اپن با پوشش کف سرامیک و دیوارها کاشی دارای کابینت کامل زمینی و دیواری درب MDF، سینک و هود و اجاق گاز، سرویس کامل بهداشتی حمام و دستشویی مجزا با تجهیزات و شیرآلات و منصوبات متعلقه و تراس با کف و دیوار سرامیک، درب و پنجره های خارجی UPVC با شیشه دوجداره و درب ورودی واحد از نوع ضد سرقت MDF و دربهای داخلی از نوع HDF و سیستم سرمایش کولر آبی و گرمایش شوفاژ، واحد دارای آیفون تصویری و امتیاز آب و برق و گاز مستقل میباشد.

ارزیابی ششدانگ پلاک ثبتی مذکور:

با توجه به موارد فوق و محل و موقعیت و کمیت و کیفیت ابعاد و مساحت و امتیازات و انشعابات و امکانات و تجهیزات موصوف واحد آپارتمان مذکور به متراژ ۹۴ مترمربع با احتساب پارکینگ و انباری و قدرالسهم مالکیت مشاعی عرصه و سایر مشاعات و مشترکات جهت پرونده اجرائی فوق جمعاً به مبلغ ۲/۳۰۳/۰۰۰/۰۰۰ (دو میلیارد و سیصد و سه میلیون) ریال ارزیابی میگردد.

مزایده پلاکهای ثبتی مذکور در روز چهارشنبه مورخه ۰۸/۰۷/۱۳۹۶ از ساعت ۹ الی ۱۲ روز چهارشنبه در اداره اجرای اسناد رسمی قم واقع در خیابان ساحلی انجام میشود. مزایده از مبلغ پایه به مبلغ ارزیابی شروع و به بالاترین قیمت فروخته می شود و حق الحراج و نیم عشر دولتی مازاد بر مبلغ فروش و وصول آن بعهده برنده مزایده خواهد بود و ضمن بدهی های ملک اعم از مالیات و عوارض شهرداری و آب و برق و گاز و غیره تا تاریخ تنظیم سند قطعی، بعهده خریدار میباشد. چنانچه روز مزایده تعطیل گردد مزایده روز اداری بعد از تعطیلی در همان ساعت و محل مقرر برگزار خواهد شد.

مهدی روزخوش - مسئول واحد اجرای اسناد رسمی قم
